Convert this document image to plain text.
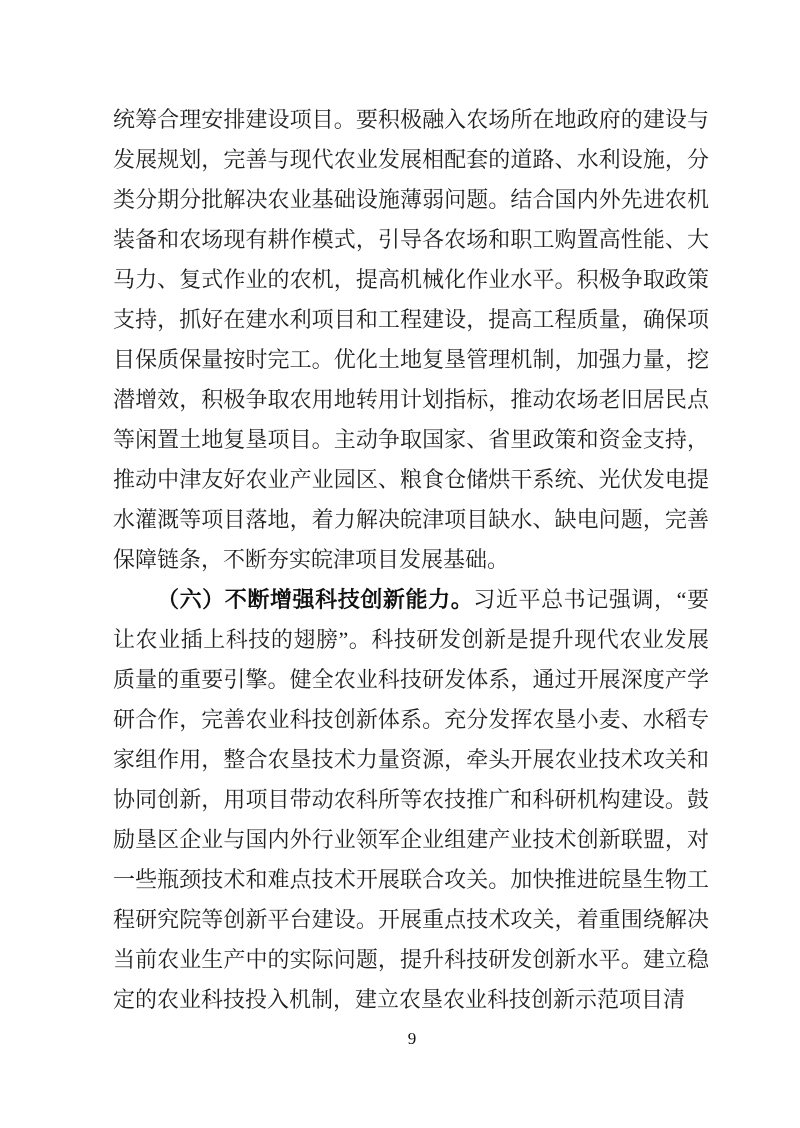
统筹合理安排建设项目。要积极融入农场所在地政府的建设与发展规划，完善与现代农业发展相配套的道路、水利设施，分类分期分批解决农业基础设施薄弱问题。结合国内外先进农机装备和农场现有耕作模式，引导各农场和职工购置高性能、大马力、复式作业的农机，提高机械化作业水平。积极争取政策支持，抓好在建水利项目和工程建设，提高工程质量，确保项目保质保量按时完工。优化土地复垦管理机制，加强力量，挖潜增效，积极争取农用地转用计划指标，推动农场老旧居民点等闲置土地复垦项目。主动争取国家、省里政策和资金支持，推动中津友好农业产业园区、粮食仓储烘干系统、光伏发电提水灌溉等项目落地，着力解决皖津项目缺水、缺电问题，完善保障链条，不断夯实皖津项目发展基础。

（六）不断增强科技创新能力。习近平总书记强调，“要让农业插上科技的翅膀”。科技研发创新是提升现代农业发展质量的重要引擎。健全农业科技研发体系，通过开展深度产学研合作，完善农业科技创新体系。充分发挥农垦小麦、水稻专家组作用，整合农垦技术力量资源，牵头开展农业技术攻关和协同创新，用项目带动农科所等农技推广和科研机构建设。鼓励垦区企业与国内外行业领军企业组建产业技术创新联盟，对一些瓶颈技术和难点技术开展联合攻关。加快推进皖垦生物工程研究院等创新平台建设。开展重点技术攻关，着重围绕解决当前农业生产中的实际问题，提升科技研发创新水平。建立稳定的农业科技投入机制，建立农垦农业科技创新示范项目清

9
